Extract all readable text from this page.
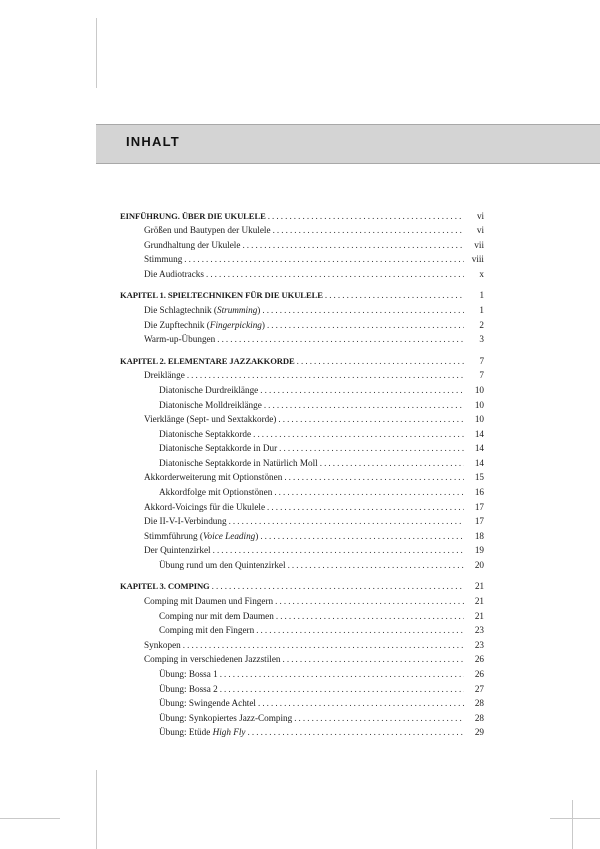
INHALT
EINFÜHRUNG. ÜBER DIE UKULELE .....	vi
Größen und Bautypen der Ukulele .....	vi
Grundhaltung der Ukulele .....	vii
Stimmung .....	viii
Die Audiotracks .....	x
KAPITEL 1. SPIELTECHNIKEN FÜR DIE UKULELE .....	1
Die Schlagtechnik (Strumming) .....	1
Die Zupftechnik (Fingerpicking) .....	2
Warm-up-Übungen .....	3
KAPITEL 2. ELEMENTARE JAZZAKKORDE .....	7
Dreiklänge .....	7
Diatonische Durdreiklänge .....	10
Diatonische Molldreiklänge .....	10
Vierklänge (Sept- und Sextakkorde) .....	10
Diatonische Septakkorde .....	14
Diatonische Septakkorde in Dur .....	14
Diatonische Septakkorde in Natürlich Moll .....	14
Akkorderweiterung mit Optionstönen .....	15
Akkordfolge mit Optionstönen .....	16
Akkord-Voicings für die Ukulele .....	17
Die II-V-I-Verbindung .....	17
Stimmführung (Voice Leading) .....	18
Der Quintenzirkel .....	19
Übung rund um den Quintenzirkel .....	20
KAPITEL 3. COMPING .....	21
Comping mit Daumen und Fingern .....	21
Comping nur mit dem Daumen .....	21
Comping mit den Fingern .....	23
Synkopen .....	23
Comping in verschiedenen Jazzstilen .....	26
Übung: Bossa 1 .....	26
Übung: Bossa 2 .....	27
Übung: Swingende Achtel .....	28
Übung: Synkopiertes Jazz-Comping .....	28
Übung: Etüde High Fly .....	29
